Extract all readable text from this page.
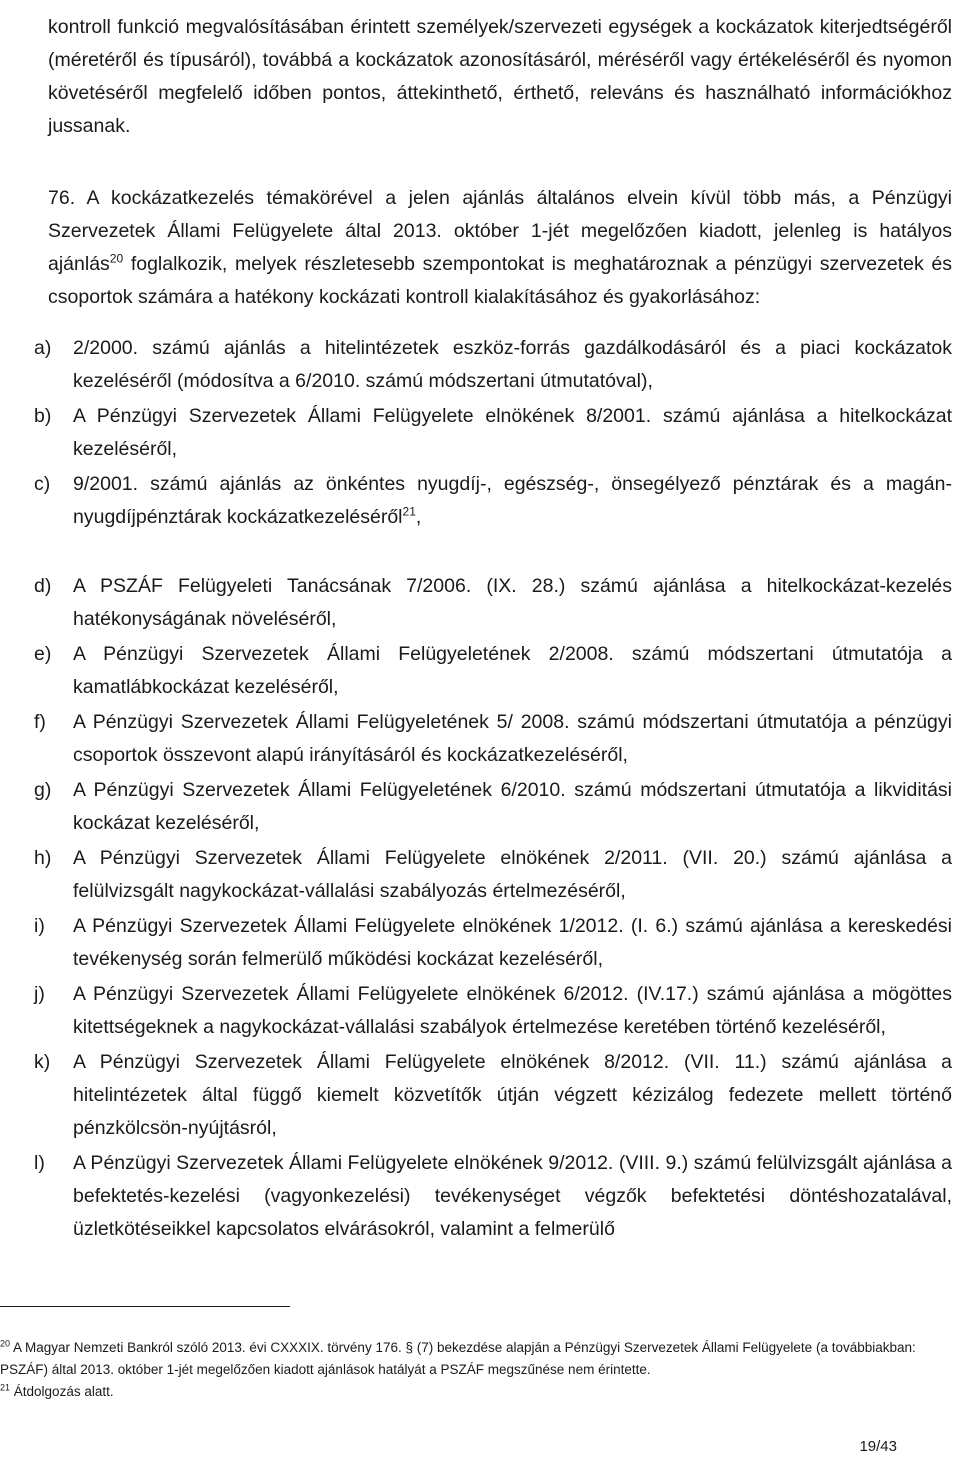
kontroll funkció megvalósításában érintett személyek/szervezeti egységek a kockázatok kiterjedtségéről (méretéről és típusáról), továbbá a kockázatok azonosításáról, méréséről vagy értékeléséről és nyomon követéséről megfelelő időben pontos, áttekinthető, érthető, releváns és használható információkhoz jussanak.

76. A kockázatkezelés témakörével a jelen ajánlás általános elvein kívül több más, a Pénzügyi Szervezetek Állami Felügyelete által 2013. október 1-jét megelőzően kiadott, jelenleg is hatályos ajánlás$^{20}$ foglalkozik, melyek részletesebb szempontokat is meghatároznak a pénzügyi szervezetek és csoportok számára a hatékony kockázati kontroll kialakításához és gyakorlásához:

a) 2/2000. számú ajánlás a hitelintézetek eszköz-forrás gazdálkodásáról és a piaci kockázatok kezeléséről (módosítva a 6/2010. számú módszertani útmutatóval),
b) A Pénzügyi Szervezetek Állami Felügyelete elnökének 8/2001. számú ajánlása a hitelkockázat kezeléséről,
c) 9/2001. számú ajánlás az önkéntes nyugdíj-, egészség-, önsegélyező pénztárak és a magán-nyugdíjpénztárak kockázatkezeléséről$^{21}$,
d) A PSZÁF Felügyeleti Tanácsának 7/2006. (IX. 28.) számú ajánlása a hitelkockázat-kezelés hatékonyságának növeléséről,
e) A Pénzügyi Szervezetek Állami Felügyeletének 2/2008. számú módszertani útmutatója a kamatlábkockázat kezeléséről,
f) A Pénzügyi Szervezetek Állami Felügyeletének 5/ 2008. számú módszertani útmutatója a pénzügyi csoportok összevont alapú irányításáról és kockázatkezeléséről,
g) A Pénzügyi Szervezetek Állami Felügyeletének 6/2010. számú módszertani útmutatója a likviditási kockázat kezeléséről,
h) A Pénzügyi Szervezetek Állami Felügyelete elnökének 2/2011. (VII. 20.) számú ajánlása a felülvizsgált nagykockázat-vállalási szabályozás értelmezéséről,
i) A Pénzügyi Szervezetek Állami Felügyelete elnökének 1/2012. (I. 6.) számú ajánlása a kereskedési tevékenység során felmerülő működési kockázat kezeléséről,
j) A Pénzügyi Szervezetek Állami Felügyelete elnökének 6/2012. (IV.17.) számú ajánlása a mögöttes kitettségeknek a nagykockázat-vállalási szabályok értelmezése keretében történő kezeléséről,
k) A Pénzügyi Szervezetek Állami Felügyelete elnökének 8/2012. (VII. 11.) számú ajánlása a hitelintézetek által függő kiemelt közvetítők útján végzett kézizálog fedezete mellett történő pénzkölcsön-nyújtásról,
l) A Pénzügyi Szervezetek Állami Felügyelete elnökének 9/2012. (VIII. 9.) számú felülvizsgált ajánlása a befektetés-kezelési (vagyonkezelési) tevékenységet végzők befektetési döntéshozatalával, üzletkötéseikkel kapcsolatos elvárásokról, valamint a felmerülő
$^{20}$ A Magyar Nemzeti Bankról szóló 2013. évi CXXXIX. törvény 176. § (7) bekezdése alapján a Pénzügyi Szervezetek Állami Felügyelete (a továbbiakban: PSZÁF) által 2013. október 1-jét megelőzően kiadott ajánlások hatályát a PSZÁF megszűnése nem érintette.
$^{21}$ Átdolgozás alatt.
19/43
